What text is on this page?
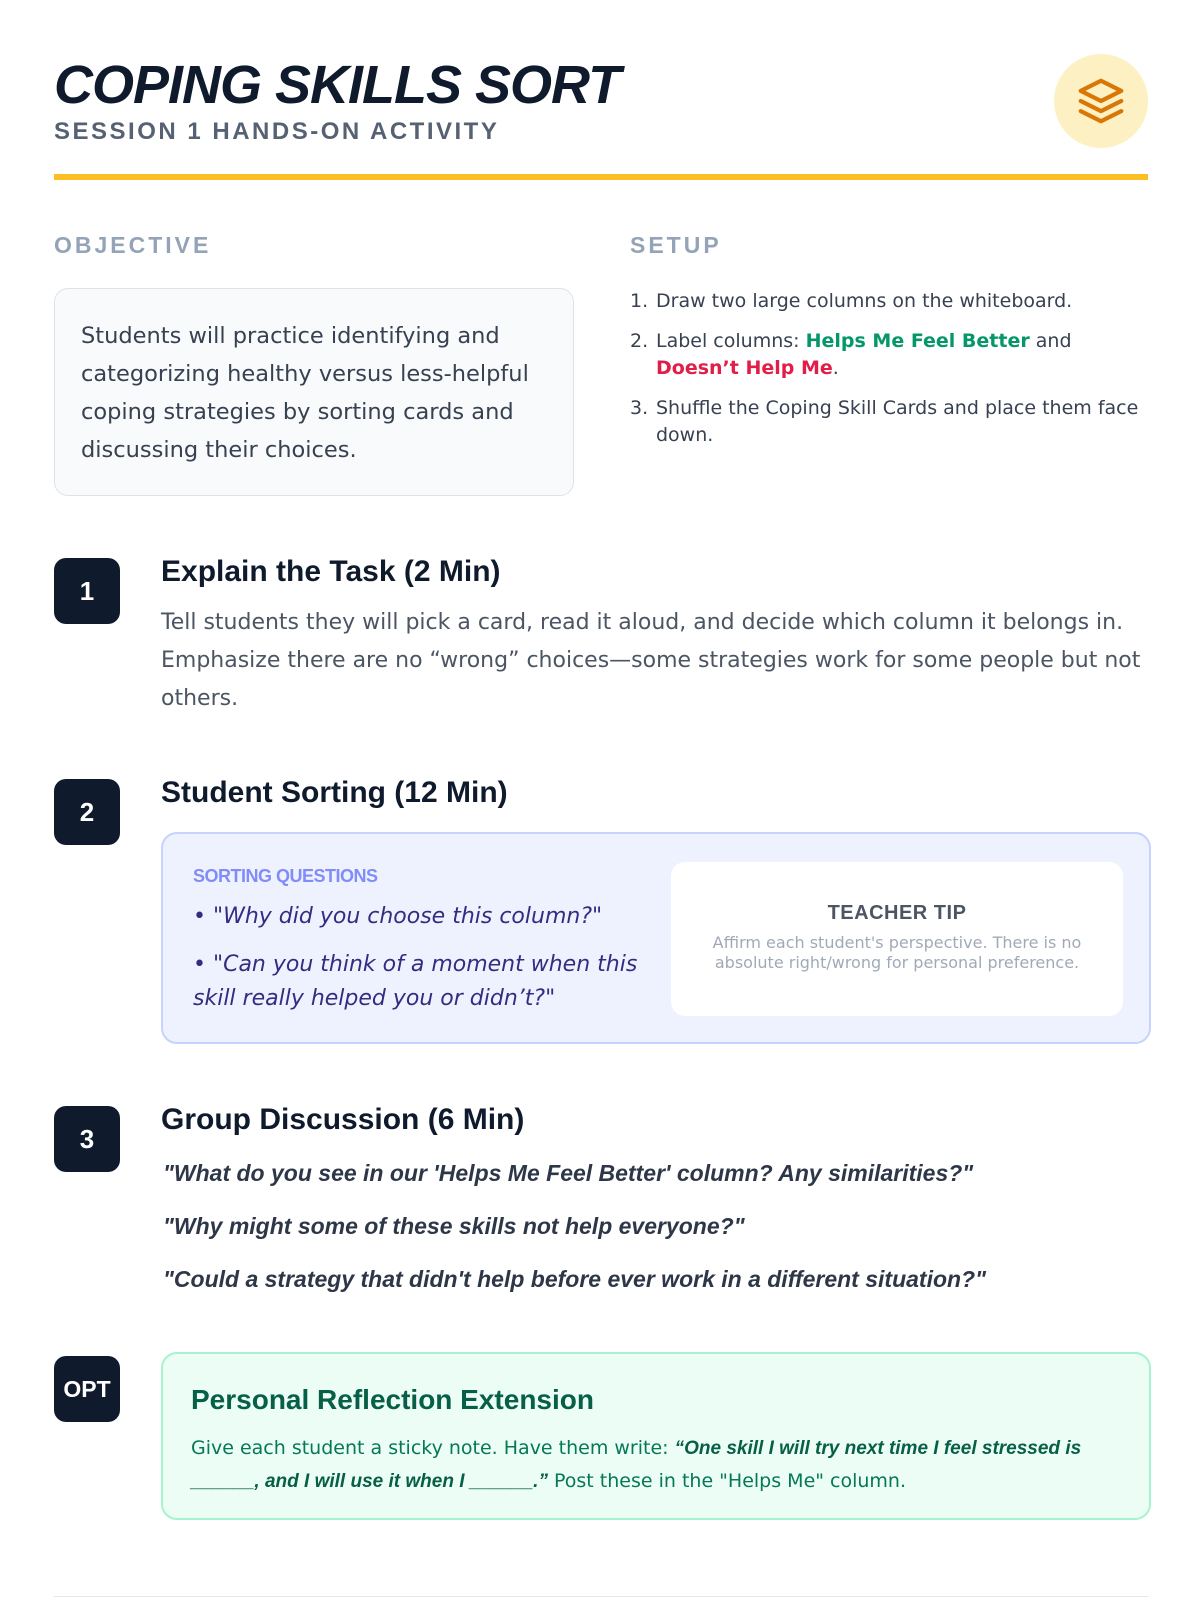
COPING SKILLS SORT
SESSION 1 HANDS-ON ACTIVITY
OBJECTIVE

Students will practice identifying and categorizing healthy versus less-helpful coping strategies by sorting cards and discussing their choices.

SETUP
1. Draw two large columns on the whiteboard.
2. Label columns: Helps Me Feel Better and Doesn’t Help Me.
3. Shuffle the Coping Skill Cards and place them face down.
1
Explain the Task (2 Min)

Tell students they will pick a card, read it aloud, and decide which column it belongs in. Emphasize there are no “wrong” choices—some strategies work for some people but not others.

2
Student Sorting (12 Min)
SORTING QUESTIONS
• "Why did you choose this column?"
• "Can you think of a moment when this skill really helped you or didn’t?"
TEACHER TIP
Affirm each student's perspective. There is no absolute right/wrong for personal preference.
3
Group Discussion (6 Min)
"What do you see in our 'Helps Me Feel Better' column? Any similarities?"
"Why might some of these skills not help everyone?"
"Could a strategy that didn't help before ever work in a different situation?"
OPT	Personal Reflection Extension

Give each student a sticky note. Have them write: “One skill I will try next time I feel stressed is ______, and I will use it when I ______.” Post these in the "Helps Me" column.
